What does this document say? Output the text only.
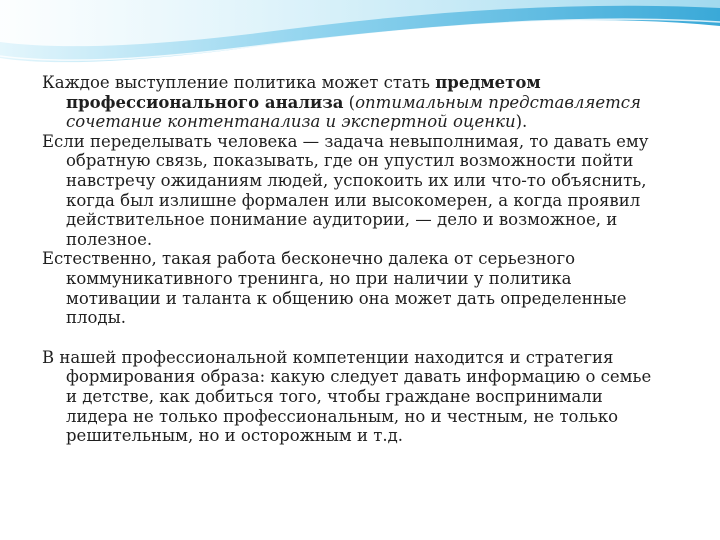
Каждое выступление политика может стать предметом
профессионального анализа (оптимальным представляется
сочетание контентанализа и экспертной оценки).

Если переделывать человека — задача невыполнимая, то давать ему
обратную связь, показывать, где он упустил возможности пойти
навстречу ожиданиям людей, успокоить их или что-то объяснить,
когда был излишне формален или высокомерен, а когда проявил
действительное понимание аудитории, — дело и возможное, и
полезное.

Естественно, такая работа бесконечно далека от серьезного
коммуникативного тренинга, но при наличии у политика
мотивации и таланта к общению она может дать определенные
плоды.

В нашей профессиональной компетенции находится и стратегия
формирования образа: какую следует давать информацию о семье
и детстве, как добиться того, чтобы граждане воспринимали
лидера не только профессиональным, но и честным, не только
решительным, но и осторожным и т.д.
